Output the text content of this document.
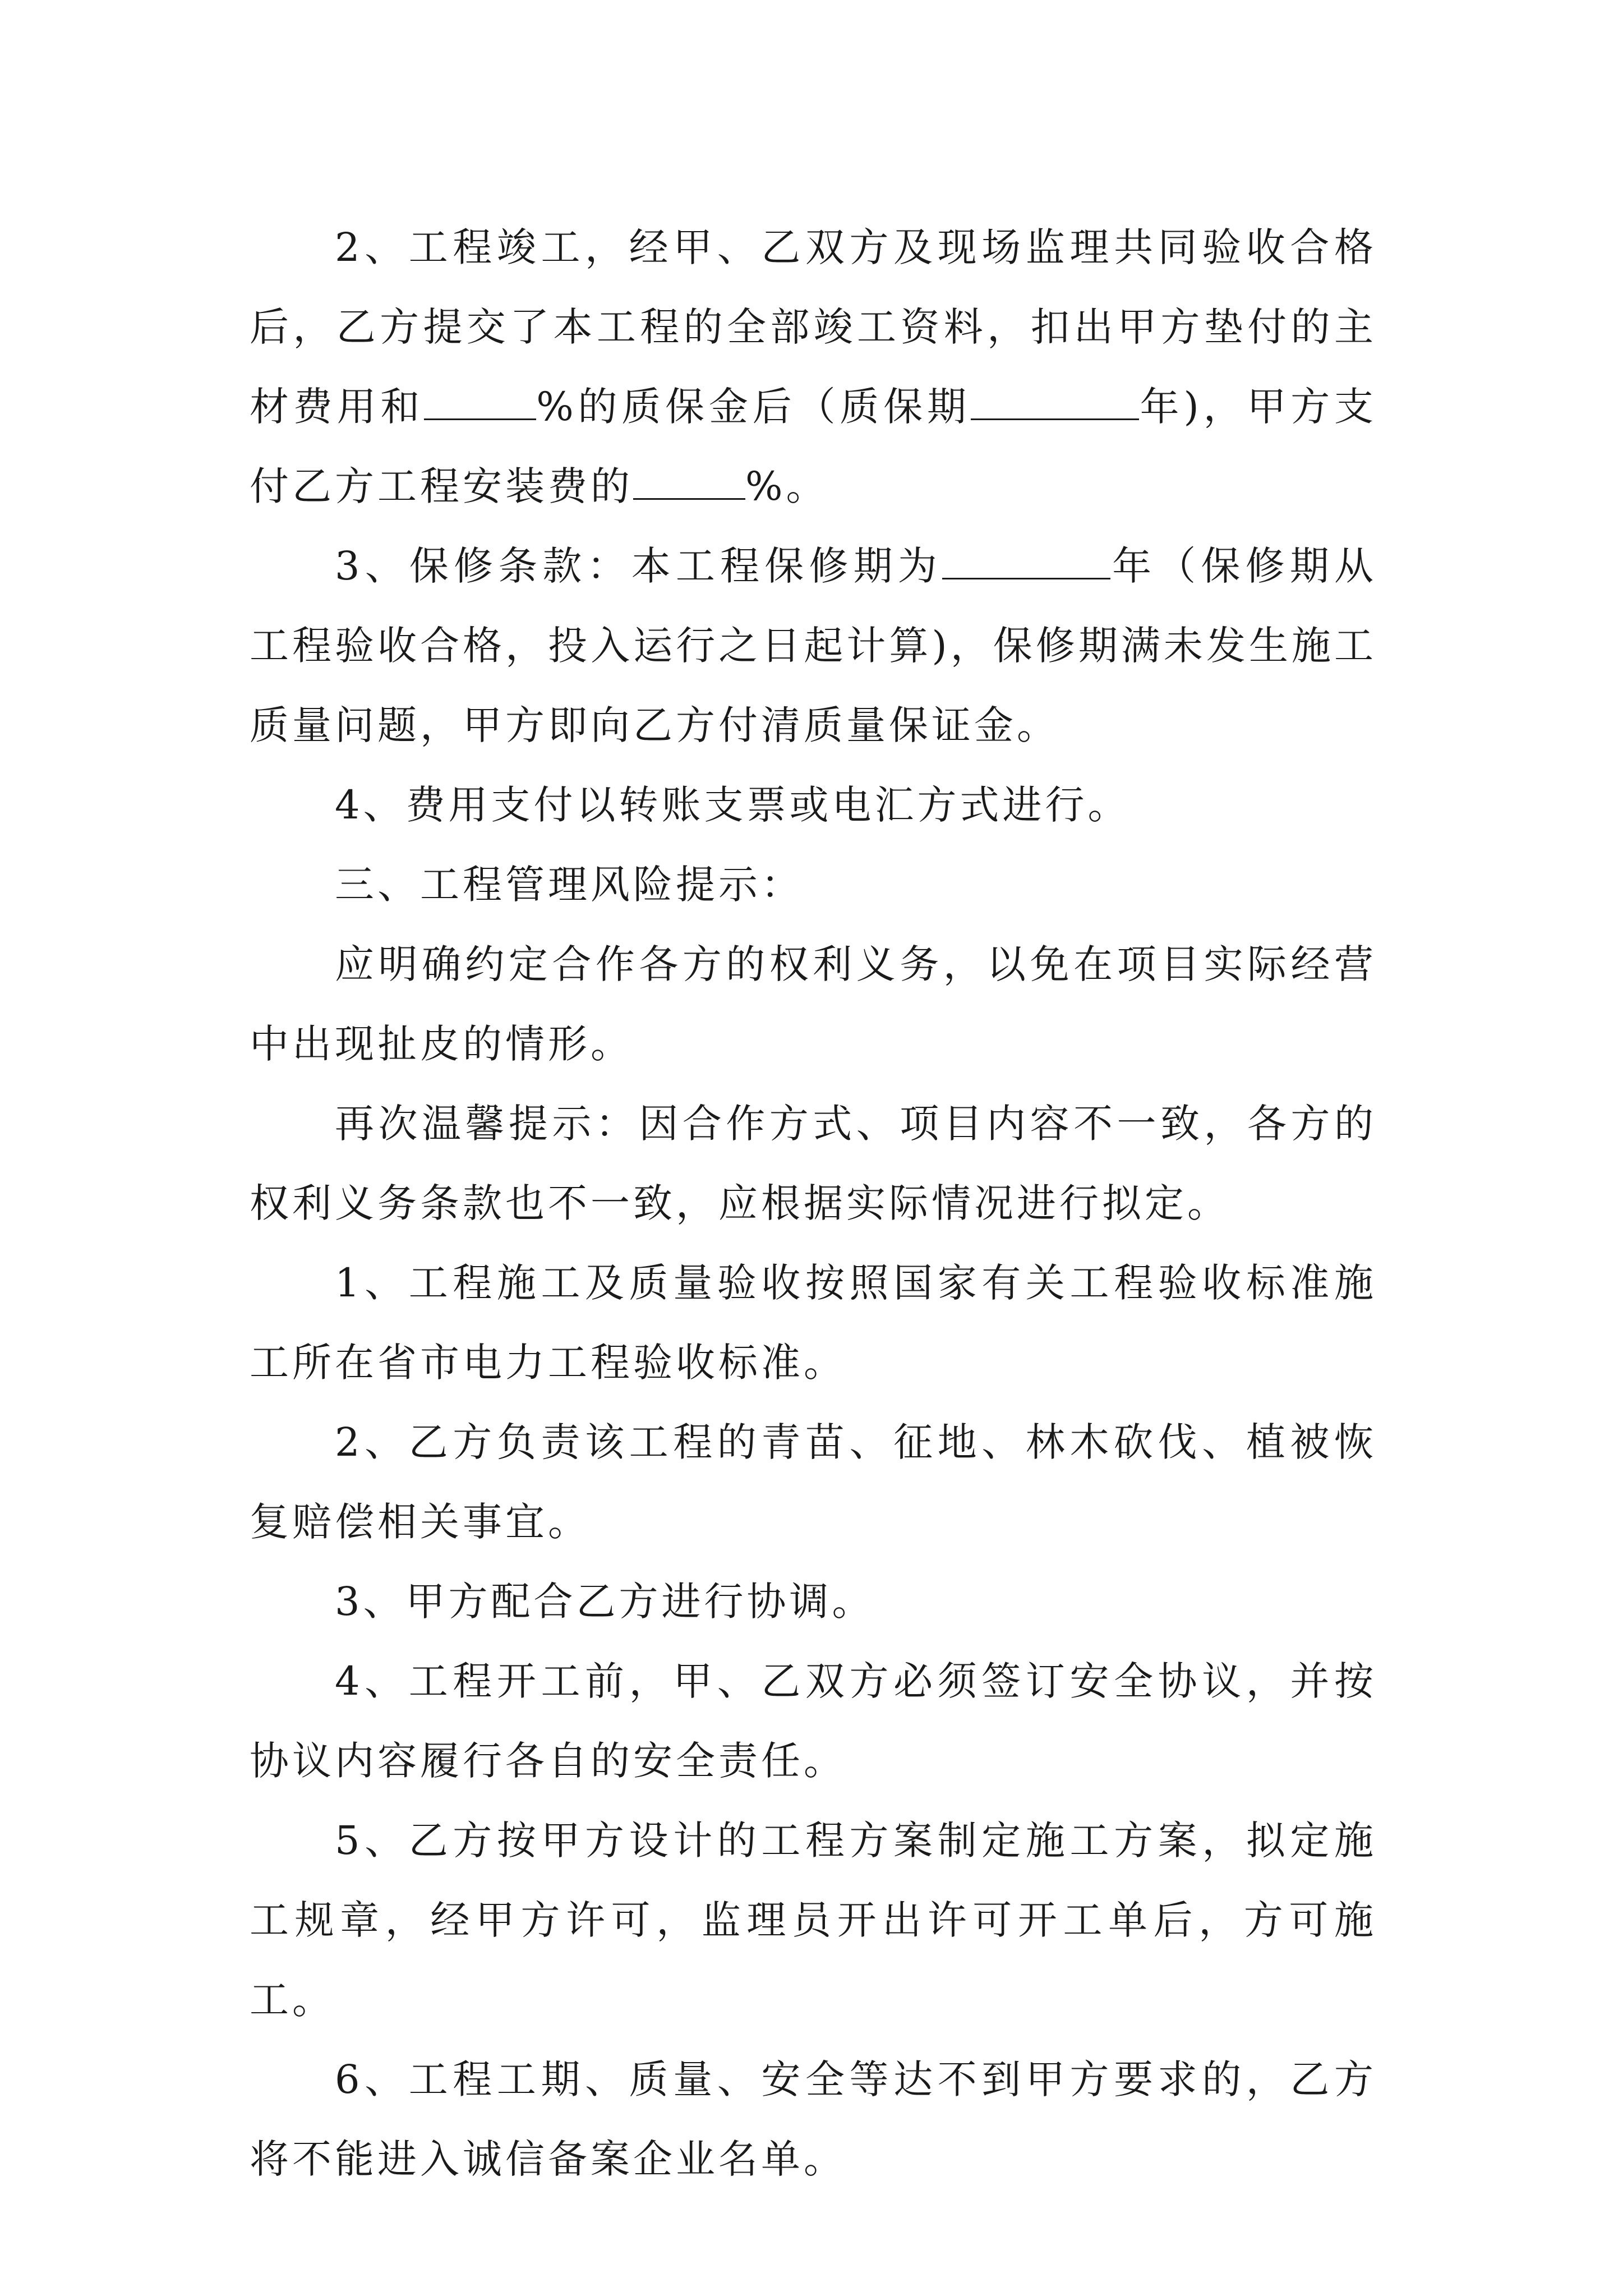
2、工程竣工，经甲、乙双方及现场监理共同验收合格后，乙方提交了本工程的全部竣工资料，扣出甲方垫付的主材费用和	%的质保金后（质保期	年)，甲方支付乙方工程安装费的	%。

3、保修条款：本工程保修期为	年（保修期从工程验收合格，投入运行之日起计算)，保修期满未发生施工质量问题，甲方即向乙方付清质量保证金。

4、费用支付以转账支票或电汇方式进行。

三、工程管理风险提示：

应明确约定合作各方的权利义务，以免在项目实际经营中出现扯皮的情形。

再次温馨提示：因合作方式、项目内容不一致，各方的权利义务条款也不一致，应根据实际情况进行拟定。

1、工程施工及质量验收按照国家有关工程验收标准施工所在省市电力工程验收标准。

2、乙方负责该工程的青苗、征地、林木砍伐、植被恢复赔偿相关事宜。

3、甲方配合乙方进行协调。

4、工程开工前，甲、乙双方必须签订安全协议，并按协议内容履行各自的安全责任。

5、乙方按甲方设计的工程方案制定施工方案，拟定施工规章，经甲方许可，监理员开出许可开工单后，方可施工。

6、工程工期、质量、安全等达不到甲方要求的，乙方将不能进入诚信备案企业名单。
